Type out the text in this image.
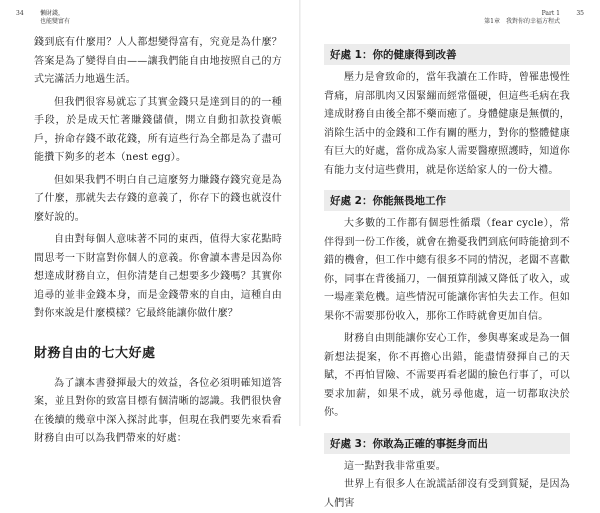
34	懶財錢，
也能變富有

錢到底有什麼用？人人都想變得富有，究竟是為什麼？答案是為了變得自由——讓我們能自由地按照自己的方式完滿活力地過生活。

但我們很容易就忘了其實金錢只是達到目的的一種手段，於是成天忙著賺錢儲債，開立自動扣款投資帳戶，拚命存錢不敢花錢，所有這些行為全都是為了盡可能攢下夠多的老本（nest egg）。

但如果我們不明白自己這麼努力賺錢存錢究竟是為了什麼，那就失去存錢的意義了，你存下的錢也就沒什麼好說的。

自由對每個人意味著不同的東西，值得大家花點時間思考一下財富對你個人的意義。你會讀本書是因為你想達成財務自立，但你清楚自己想要多少錢嗎？其實你追尋的並非金錢本身，而是金錢帶來的自由，這種自由對你來說是什麼模樣？它最終能讓你做什麼？

財務自由的七大好處

為了讓本書發揮最大的效益，各位必須明確知道答案，並且對你的致富目標有個清晰的認識。我們很快會在後續的幾章中深入探討此事，但現在我們要先來看看財務自由可以為我們帶來的好處：

Part 1
第1章　我對你的幸福方程式
35
好處 1：你的健康得到改善

壓力是會致命的，當年我讀在工作時，曾罹患慢性背痛，肩部肌肉又因緊繃而經常僵硬，但這些毛病在我達成財務自由後全都不藥而癒了。身體健康是無價的，消除生活中的金錢和工作有關的壓力，對你的整體健康有巨大的好處，當你成為家人需要醫療照護時，知道你有能力支付這些費用，就是你送給家人的一份大禮。

好處 2：你能無畏地工作

大多數的工作都有個惡性循環（fear cycle），常伴得到一份工作後，就會在擔憂我們到底何時能搶到不錯的機會，但工作中總有很多不同的情況，老闆不喜歡你，同事在背後捅刀，一個預算削減又降低了收入，或一場產業危機。這些情況可能讓你害怕失去工作。但如果你不需要那份收入，那你工作時就會更加自信。

財務自由則能讓你安心工作，參與專案或是為一個新想法提案，你不再擔心出錯，能盡情發揮自己的天賦，不再怕冒險、不需要再看老闆的臉色行事了，可以要求加薪，如果不成，就另尋他處，這一切都取決於你。

好處 3：你敢為正確的事挺身而出

這一點對我非常重要。

世界上有很多人在說謊話卻沒有受到質疑，是因為人們害
